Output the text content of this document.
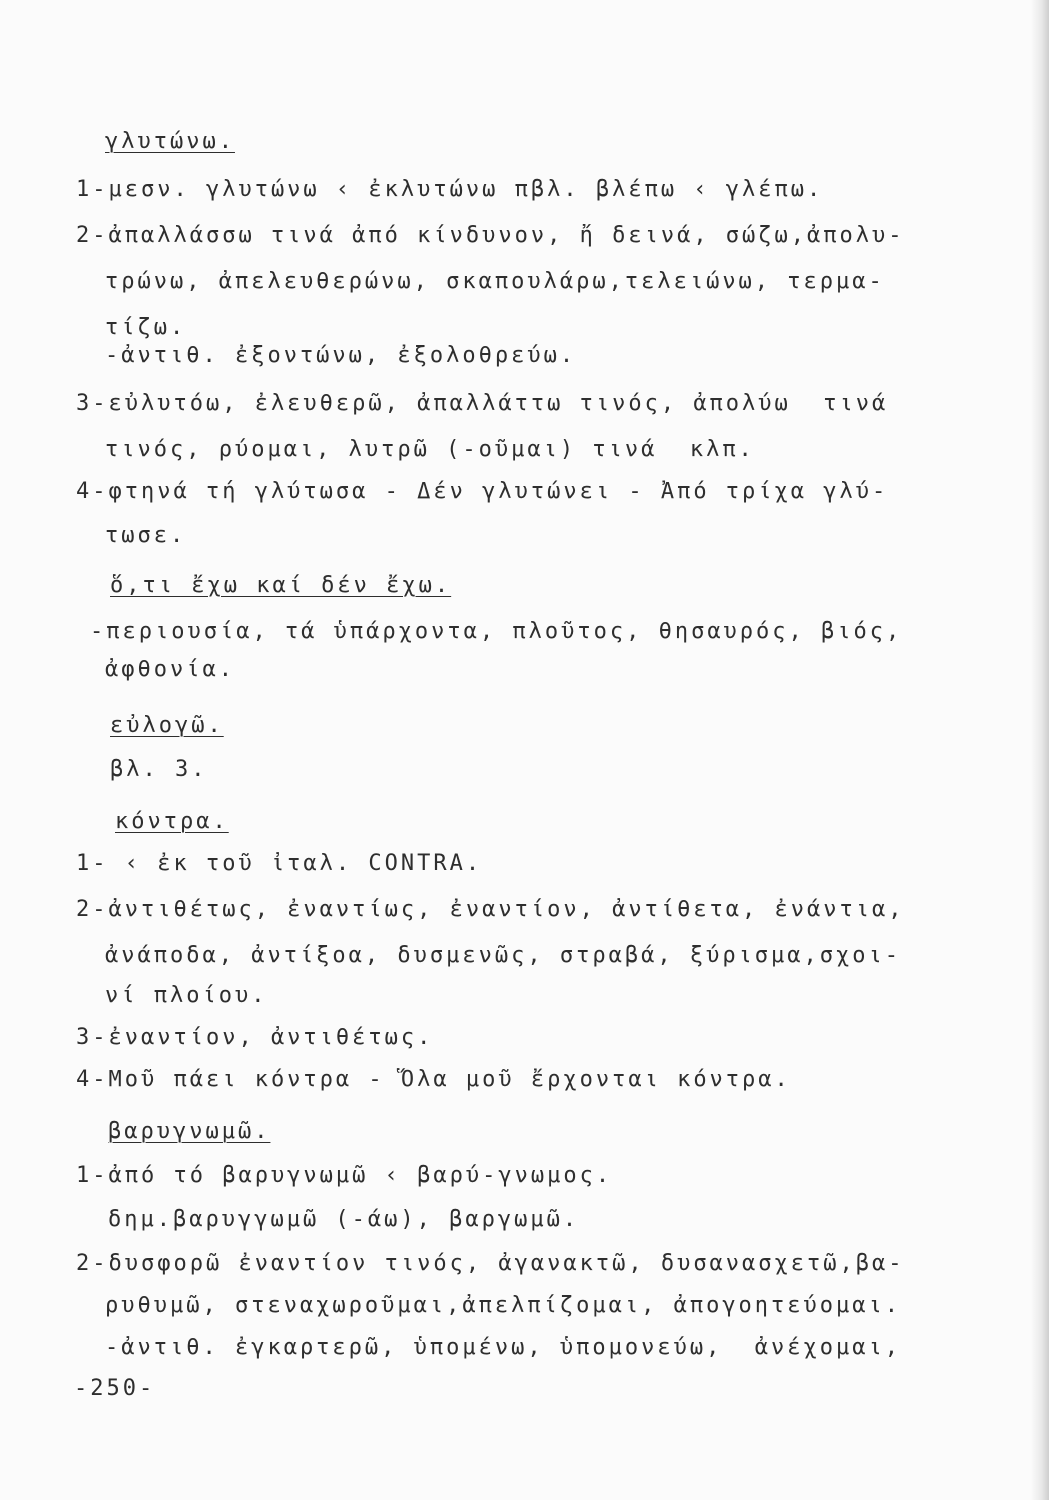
γλυτώνω.
1-μεσν. γλυτώνω ‹ ἐκλυτώνω πβλ. βλέπω ‹ γλέπω.
2-ἀπαλλάσσω τινά ἀπό κίνδυνον, ἤ δεινά, σώζω,ἀπολυ-
τρώνω, ἀπελευθερώνω, σκαπουλάρω,τελειώνω, τερμα-
τίζω.
-ἀντιθ. ἐξοντώνω, ἐξολοθρεύω.
3-εὐλυτόω, ἐλευθερῶ, ἀπαλλάττω τινός, ἀπολύω  τινά
τινός, ρύομαι, λυτρῶ (-οῦμαι) τινά  κλπ.
4-φτηνά τή γλύτωσα - Δέν γλυτώνει - Ἀπό τρίχα γλύ-
τωσε.
ὅ,τι ἔχω καί δέν ἔχω.
-περιουσία, τά ὑπάρχοντα, πλοῦτος, θησαυρός, βιός,
ἀφθονία.
εὐλογῶ.
βλ. 3.
κόντρα.
1- ‹ ἐκ τοῦ ἰταλ. CONTRA.
2-ἀντιθέτως, ἐναντίως, ἐναντίον, ἀντίθετα, ἐνάντια,
ἀνάποδα, ἀντίξοα, δυσμενῶς, στραβά, ξύρισμα,σχοι-
νί πλοίου.
3-ἐναντίον, ἀντιθέτως.
4-Μοῦ πάει κόντρα - Ὅλα μοῦ ἔρχονται κόντρα.
βαρυγνωμῶ.
1-ἀπό τό βαρυγνωμῶ ‹ βαρύ-γνωμος.
δημ.βαρυγγωμῶ (-άω), βαργωμῶ.
2-δυσφορῶ ἐναντίον τινός, ἀγανακτῶ, δυσανασχετῶ,βα-
ρυθυμῶ, στεναχωροῦμαι,ἀπελπίζομαι, ἀπογοητεύομαι.
-ἀντιθ. ἐγκαρτερῶ, ὑπομένω, ὑπομονεύω,  ἀνέχομαι,
-250-
